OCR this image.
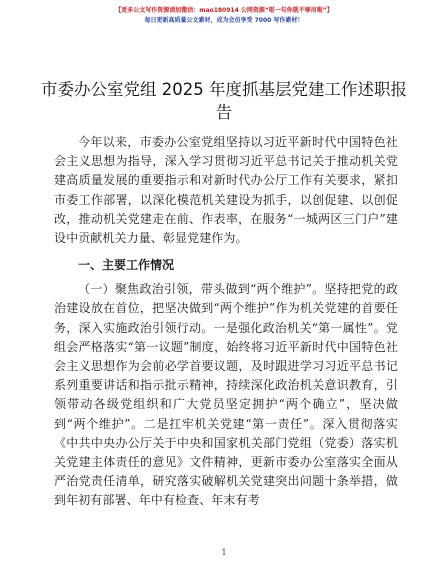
【更多公文写作资源请加微信：mao180914 公网资源“呕一句你就不够用啦”】
每日更新高质量公文素材，成为会员享受 7000 写作素材！
市委办公室党组 2025 年度抓基层党建工作述职报告

今年以来，市委办公室党组坚持以习近平新时代中国特色社会主义思想为指导，深入学习贯彻习近平总书记关于推动机关党建高质量发展的重要指示和对新时代办公厅工作有关要求，紧扣市委工作部署，以深化模范机关建设为抓手，以创促建、以创促改，推动机关党建走在前、作表率，在服务“一城两区三门户”建设中贡献机关力量、彰显党建作为。

一、主要工作情况

（一）聚焦政治引领，带头做到“两个维护”。坚持把党的政治建设放在首位，把坚决做到“两个维护”作为机关党建的首要任务，深入实施政治引领行动。一是强化政治机关“第一属性”。党组会严格落实“第一议题”制度，始终将习近平新时代中国特色社会主义思想作为会前必学首要议题，及时跟进学习习近平总书记系列重要讲话和指示批示精神，持续深化政治机关意识教育，引领带动各级党组织和广大党员坚定拥护“两个确立”，坚决做到“两个维护”。二是扛牢机关党建“第一责任”。深入贯彻落实《中共中央办公厅关于中央和国家机关部门党组（党委）落实机关党建主体责任的意见》文件精神，更新市委办公室落实全面从严治党责任清单，研究落实破解机关党建突出问题十条举措，做到年初有部署、年中有检查、年末有考

1
